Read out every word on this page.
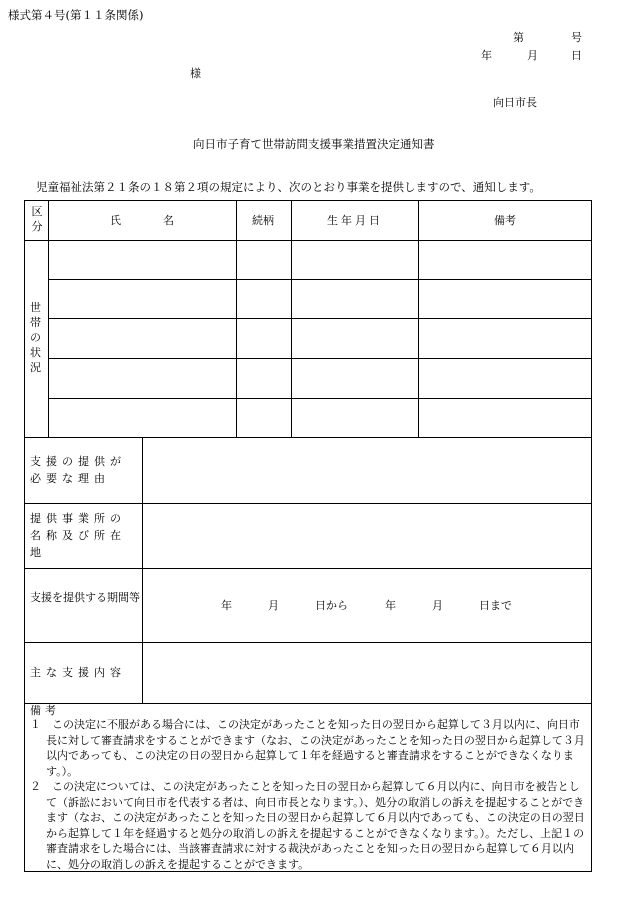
様式第４号(第１１条関係)
第	号
年	月	日
様
向日市長
向日市子育て世帯訪問支援事業措置決定通知書
児童福祉法第２１条の１８第２項の規定により、次のとおり事業を提供しますので、通知します。
区分	氏	名	続柄	生年月日	備考
世帯の状況
支援の提供が必要な理由
提供事業所の名称及び所在地
支援を提供する期間等
年	月	日から	年	月	日まで
主な支援内容
備考
１　この決定に不服がある場合には、この決定があったことを知った日の翌日から起算して３月以内に、向日市長に対して審査請求をすることができます（なお、この決定があったことを知った日の翌日から起算して３月以内であっても、この決定の日の翌日から起算して１年を経過すると審査請求をすることができなくなります。）。
２　この決定については、この決定があったことを知った日の翌日から起算して６月以内に、向日市を被告として（訴訟において向日市を代表する者は、向日市長となります。）、処分の取消しの訴えを提起することができます（なお、この決定があったことを知った日の翌日から起算して６月以内であっても、この決定の日の翌日から起算して１年を経過すると処分の取消しの訴えを提起することができなくなります。）。ただし、上記１の審査請求をした場合には、当該審査請求に対する裁決があったことを知った日の翌日から起算して６月以内に、処分の取消しの訴えを提起することができます。
